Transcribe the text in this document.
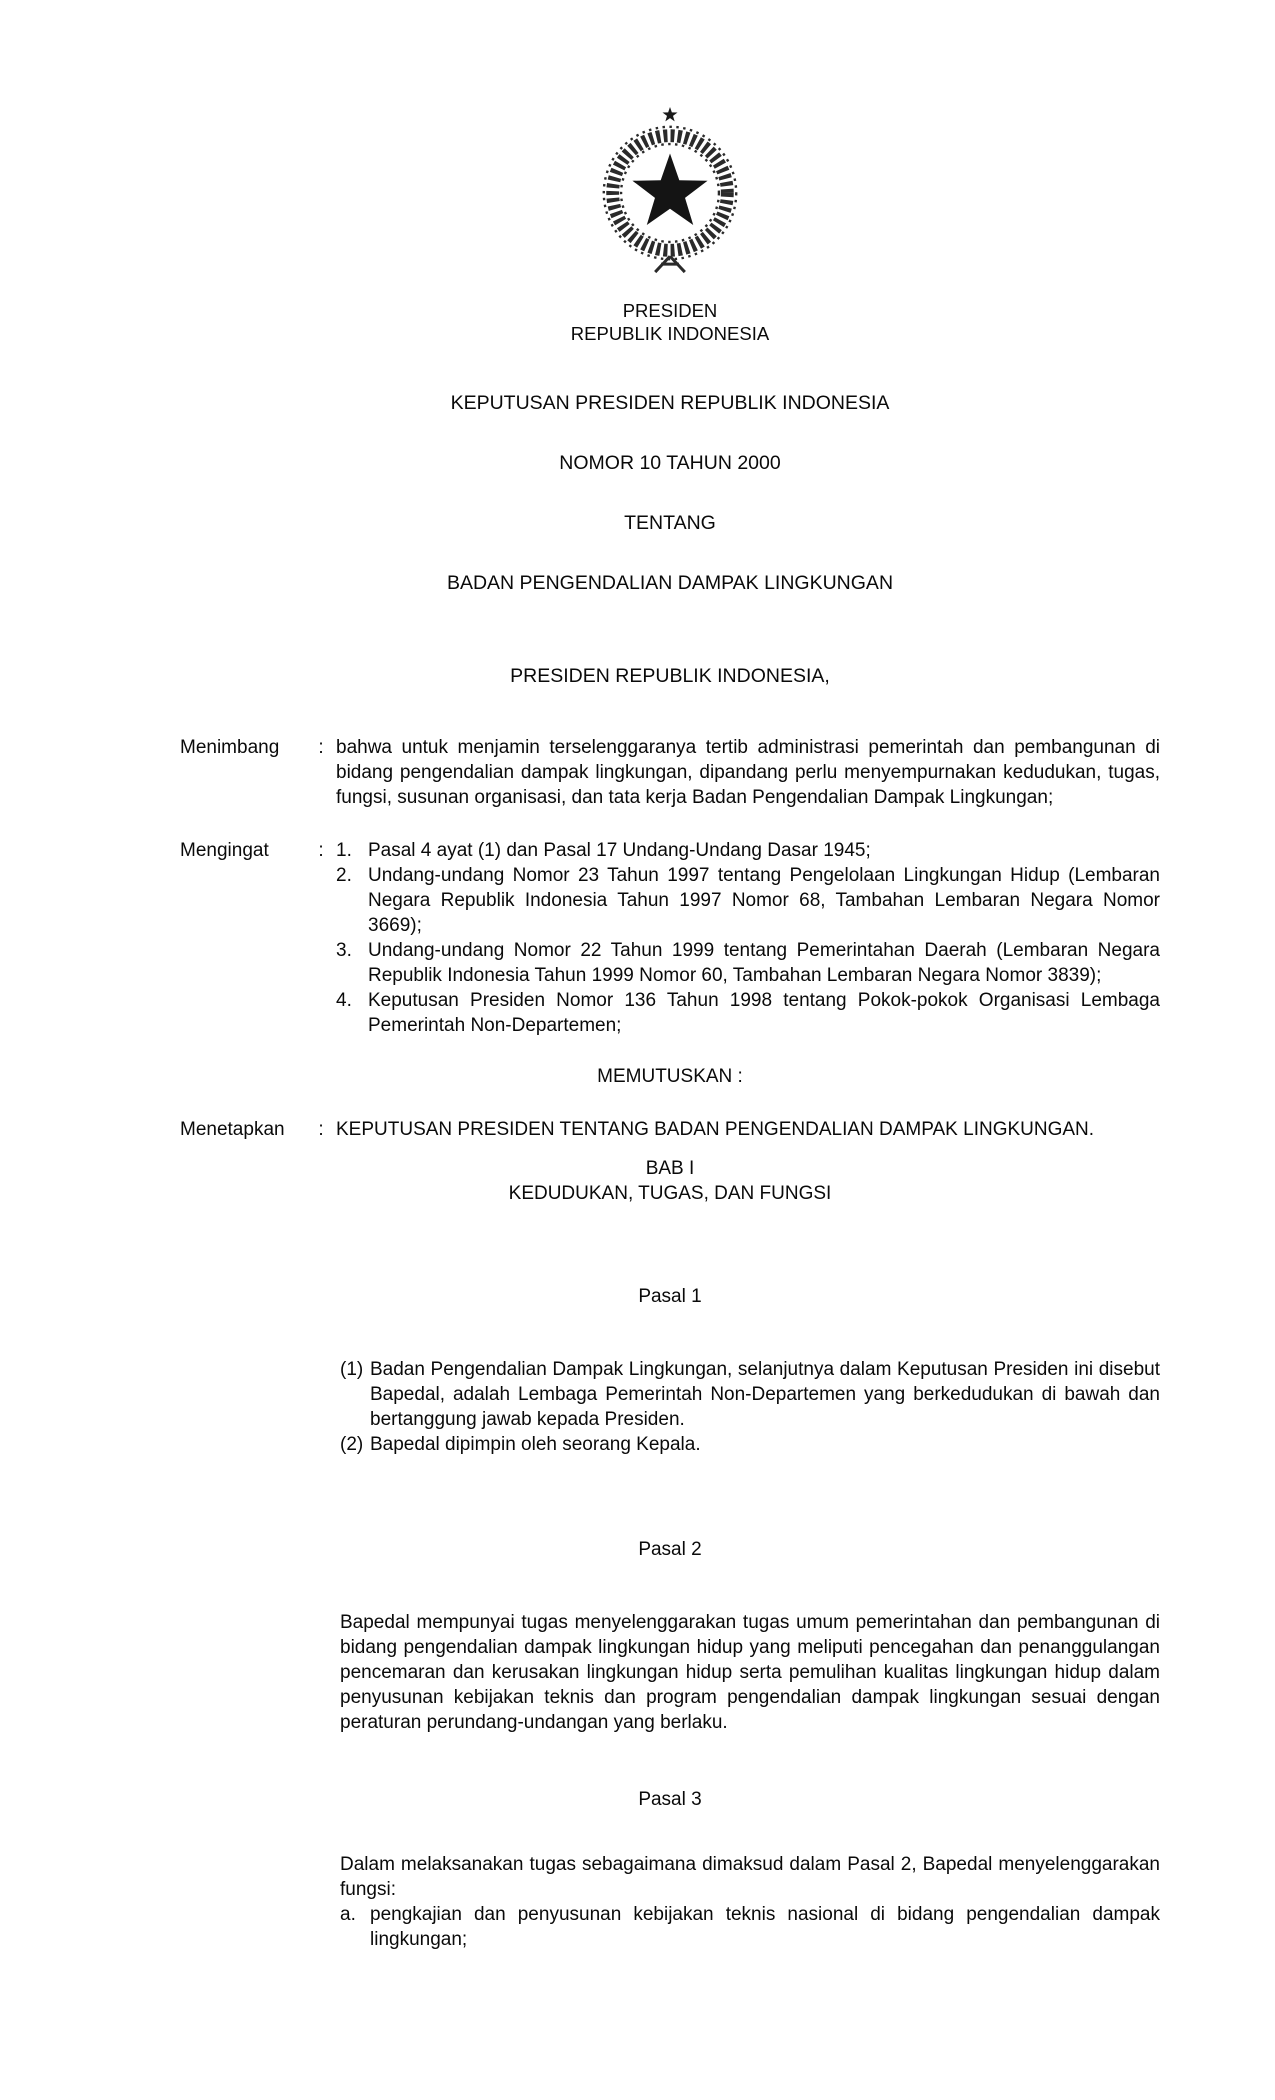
PRESIDEN
REPUBLIK INDONESIA
KEPUTUSAN PRESIDEN REPUBLIK INDONESIA
NOMOR 10 TAHUN 2000
TENTANG
BADAN PENGENDALIAN DAMPAK LINGKUNGAN
PRESIDEN REPUBLIK INDONESIA,
Menimbang	: bahwa untuk menjamin terselenggaranya tertib administrasi pemerintah dan pembangunan di bidang pengendalian dampak lingkungan, dipandang perlu menyempurnakan kedudukan, tugas, fungsi, susunan organisasi, dan tata kerja Badan Pengendalian Dampak Lingkungan;
Mengingat	: 1. Pasal 4 ayat (1) dan Pasal 17 Undang-Undang Dasar 1945;
2. Undang-undang Nomor 23 Tahun 1997 tentang Pengelolaan Lingkungan Hidup (Lembaran Negara Republik Indonesia Tahun 1997 Nomor 68, Tambahan Lembaran Negara Nomor 3669);
3. Undang-undang Nomor 22 Tahun 1999 tentang Pemerintahan Daerah (Lembaran Negara Republik Indonesia Tahun 1999 Nomor 60, Tambahan Lembaran Negara Nomor 3839);
4. Keputusan Presiden Nomor 136 Tahun 1998 tentang Pokok-pokok Organisasi Lembaga Pemerintah Non-Departemen;
MEMUTUSKAN :
Menetapkan	: KEPUTUSAN PRESIDEN TENTANG BADAN PENGENDALIAN DAMPAK LINGKUNGAN.
BAB I
KEDUDUKAN, TUGAS, DAN FUNGSI
Pasal 1
(1) Badan Pengendalian Dampak Lingkungan, selanjutnya dalam Keputusan Presiden ini disebut Bapedal, adalah Lembaga Pemerintah Non-Departemen yang berkedudukan di bawah dan bertanggung jawab kepada Presiden.
(2) Bapedal dipimpin oleh seorang Kepala.
Pasal 2
Bapedal mempunyai tugas menyelenggarakan tugas umum pemerintahan dan pembangunan di bidang pengendalian dampak lingkungan hidup yang meliputi pencegahan dan penanggulangan pencemaran dan kerusakan lingkungan hidup serta pemulihan kualitas lingkungan hidup dalam penyusunan kebijakan teknis dan program pengendalian dampak lingkungan sesuai dengan peraturan perundang-undangan yang berlaku.
Pasal 3
Dalam melaksanakan tugas sebagaimana dimaksud dalam Pasal 2, Bapedal menyelenggarakan fungsi:
a. pengkajian dan penyusunan kebijakan teknis nasional di bidang pengendalian dampak lingkungan;
